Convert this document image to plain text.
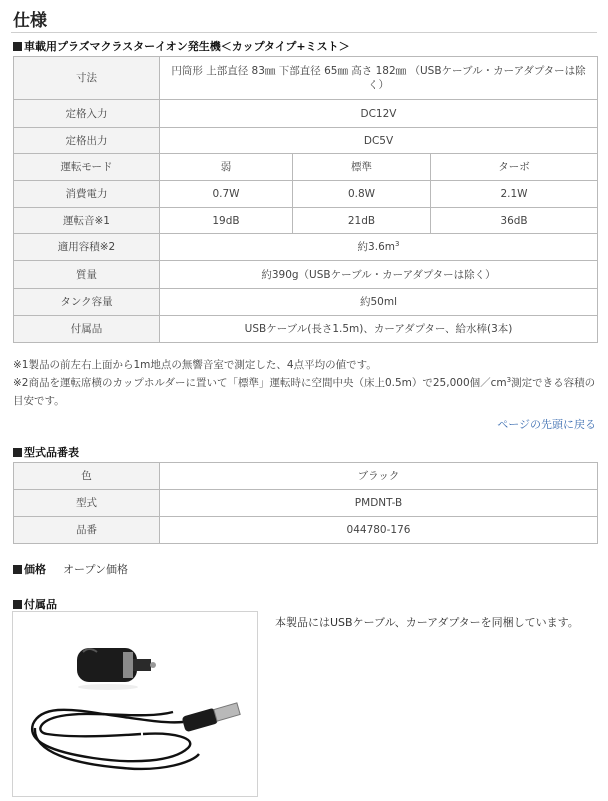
仕様
車載用プラズマクラスターイオン発生機＜カップタイプ+ミスト＞
寸法	円筒形 上部直径 83㎜ 下部直径 65㎜ 高さ 182㎜ （USBケーブル・カーアダプターは除く）		
定格入力	DC12V		
定格出力	DC5V		
運転モード	弱	標準	ターボ
消費電力	0.7W	0.8W	2.1W
運転音※1	19dB	21dB	36dB
適用容積※2	約$3.6m^3$
質量	約390g（USBケーブル・カーアダプターは除く）		
タンク容量	約50ml		
付属品	USBケーブル(長さ1.5m)、カーアダプター、給水棒(3本)		
※1製品の前左右上面から1m地点の無響音室で測定した、4点平均の値です。
※2商品を運転席横のカップホルダーに置いて「標準」運転時に空間中央（床上0.5m）で25,000個$/cm^3$測定できる容積の目安です。
ページの先頭に戻る
型式品番表
色	ブラック
型式	PMDNT-B
品番	044780-176
価格 オープン価格
付属品
本製品にはUSBケーブル、カーアダプターを同梱しています。
